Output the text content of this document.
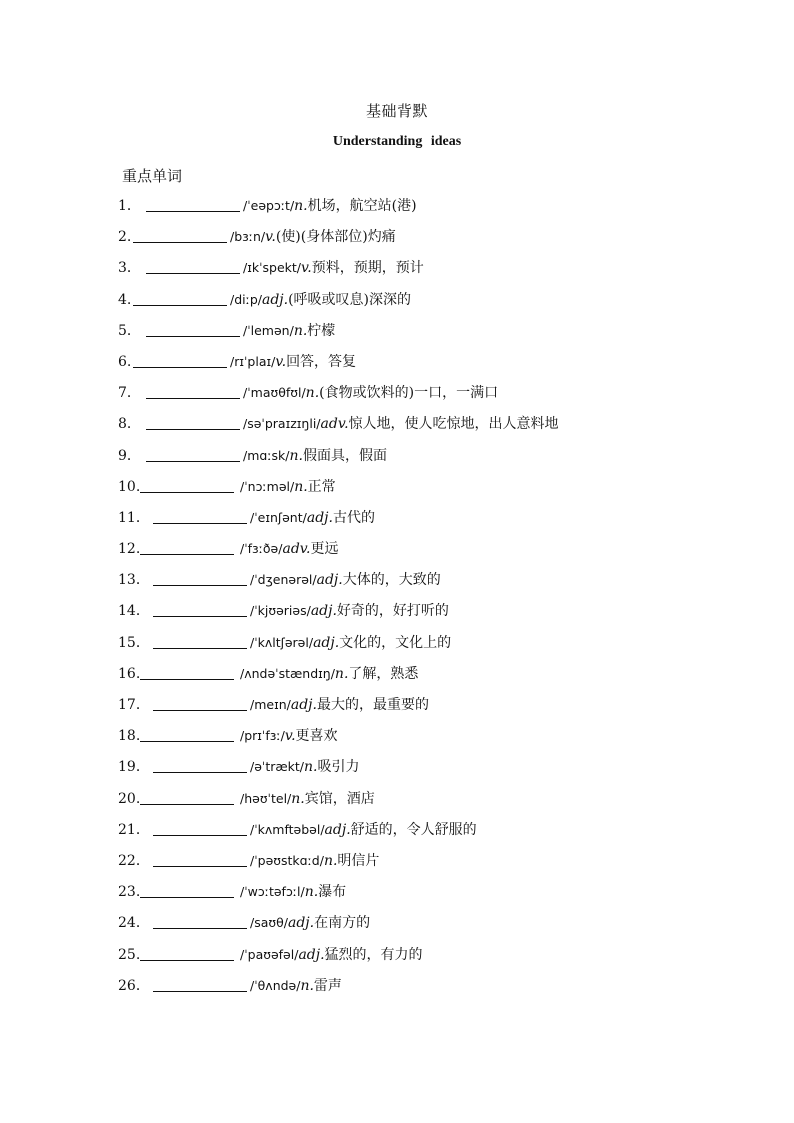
基础背默
Understanding ideas
重点单词
1．	/ˈeəpɔːt/n.机场，航空站(港)
2.	/bɜːn/v.(使)(身体部位)灼痛
3．	/ɪkˈspekt/v.预料，预期，预计
4.	/diːp/adj.(呼吸或叹息)深深的
5．	/ˈlemən/n.柠檬
6.	/rɪˈplaɪ/v.回答，答复
7．	/ˈmaʊθfʊl/n.(食物或饮料的)一口，一满口
8．	/səˈpraɪzɪŋli/adv.惊人地，使人吃惊地，出人意料地
9．	/mɑːsk/n.假面具，假面
10.	/ˈnɔːməl/n.正常
11．	/ˈeɪnʃənt/adj.古代的
12.	/ˈfɜːðə/adv.更远
13．	/ˈdʒenərəl/adj.大体的，大致的
14．	/ˈkjʊəriəs/adj.好奇的，好打听的
15．	/ˈkʌltʃərəl/adj.文化的，文化上的
16.	/ʌndəˈstændɪŋ/n.了解，熟悉
17．	/meɪn/adj.最大的，最重要的
18.	/prɪˈfɜː/v.更喜欢
19．	/əˈtrækt/n.吸引力
20.	/həʊˈtel/n.宾馆，酒店
21．	/ˈkʌmftəbəl/adj.舒适的，令人舒服的
22．	/ˈpəʊstkɑːd/n.明信片
23.	/ˈwɔːtəfɔːl/n.瀑布
24．	/saʊθ/adj.在南方的
25.	/ˈpaʊəfəl/adj.猛烈的，有力的
26．	/ˈθʌndə/n.雷声
